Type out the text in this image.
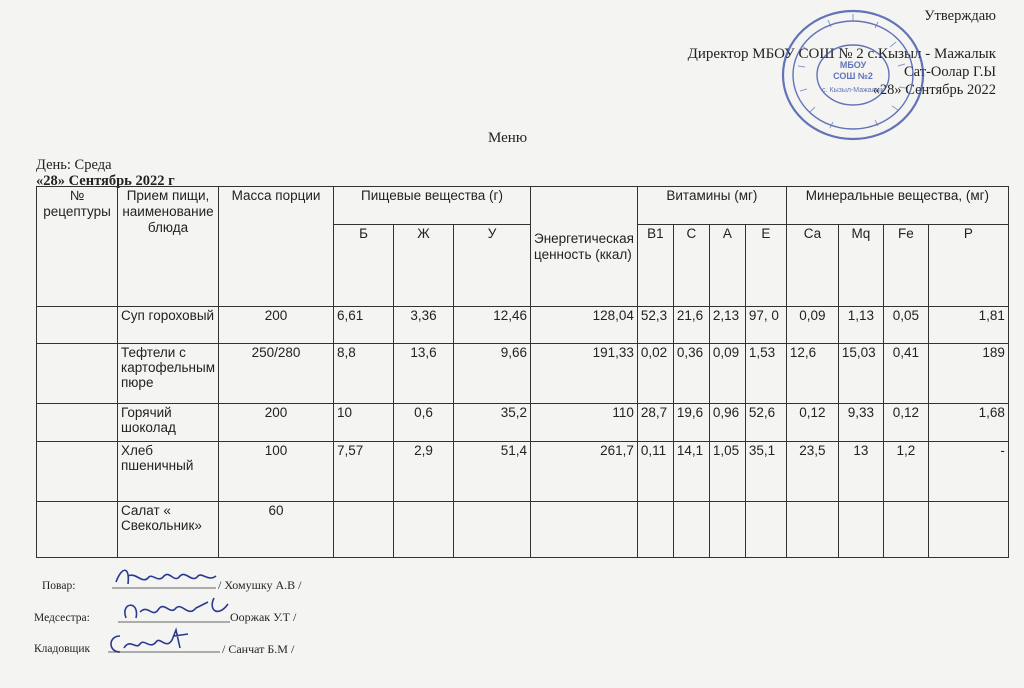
Утверждаю
Директор МБОУ СОШ № 2 с.Кызыл - Мажалык
Сат-Оолар Г.Ы
«28» Сентябрь 2022
МБОУ
СОШ №2
с. Кызыл-Мажалык
Меню
День: Среда
«28» Сентябрь 2022 г
№ рецептуры	Прием пищи, наименование блюда	Масса порции	Пищевые вещества (г)			Энергетическая ценность (ккал)	Витамины (мг)				Минеральные вещества, (мг)			
			Б	Ж	У		В1	С	А	Е	Са	Мq	Fe	Р
	Суп гороховый	200	6,61	3,36	12,46	128,04	52,3	21,6	2,13	97, 0	0,09	1,13	0,05	1,81
	Тефтели с картофельным пюре	250/280	8,8	13,6	9,66	191,33	0,02	0,36	0,09	1,53	12,6	15,03	0,41	189
	Горячий шоколад	200	10	0,6	35,2	110	28,7	19,6	0,96	52,6	0,12	9,33	0,12	1,68
	Хлеб пшеничный	100	7,57	2,9	51,4	261,7	0,11	14,1	1,05	35,1	23,5	13	1,2	-
	Салат « Свекольник»	60												
Повар:	/ Хомушку А.В /
Медсестра:	Ооржак У.Т /
Кладовщик	/ Санчат Б.М /
